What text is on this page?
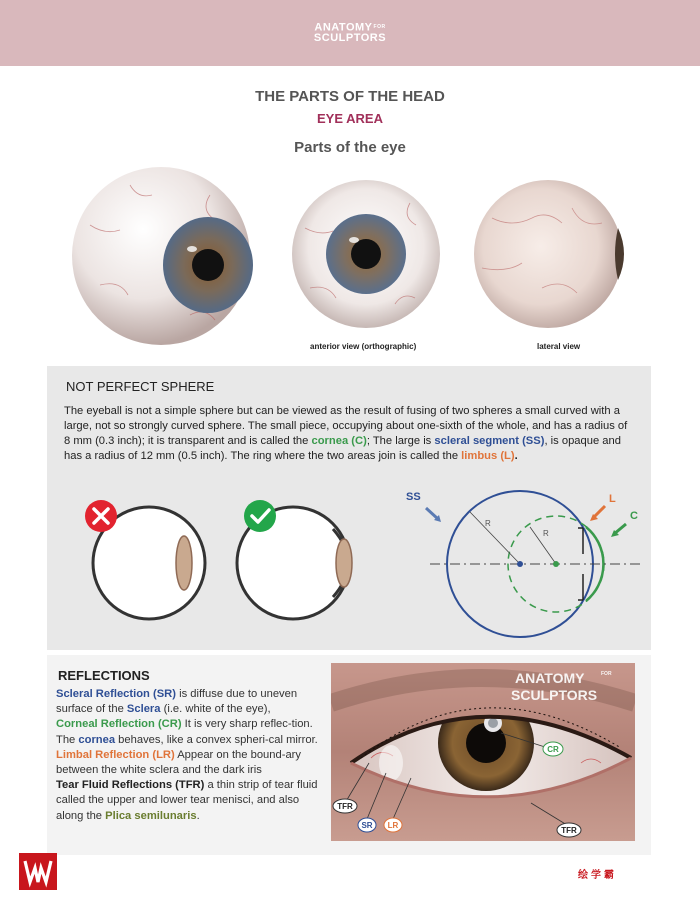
ANATOMYFOR
SCULPTORS
THE PARTS OF THE HEAD
EYE AREA
Parts of the eye
anterior view (orthographic)	lateral view
NOT PERFECT SPHERE
The eyeball is not a simple sphere but can be viewed as the result of fusing of two spheres a small curved with a large, not so strongly curved sphere. The small piece, occupying about one-sixth of the whole, and has a radius of 8 mm (0.3 inch); it is transparent and is called the cornea (C); The large is scleral segment (SS), is opaque and has a radius of 12 mm (0.5 inch). The ring where the two areas join is called the limbus (L).
R
R
SS	L
C
REFLECTIONS
Scleral Reflection (SR) is diffuse due to uneven surface of the Sclera (i.e. white of the eye),
Corneal Reflection (CR) It is very sharp reflec-tion. The cornea behaves, like a convex spheri-cal mirror.
Limbal Reflection (LR) Appear on the bound-ary between the white sclera and the dark iris
Tear Fluid Reflections (TFR) a thin strip of tear fluid called the upper and lower tear menisci, and also along the Plica semilunaris.
ANATOMY	FOR
SCULPTORS
CR
TFR
SR LR
TFR
绘学霸
